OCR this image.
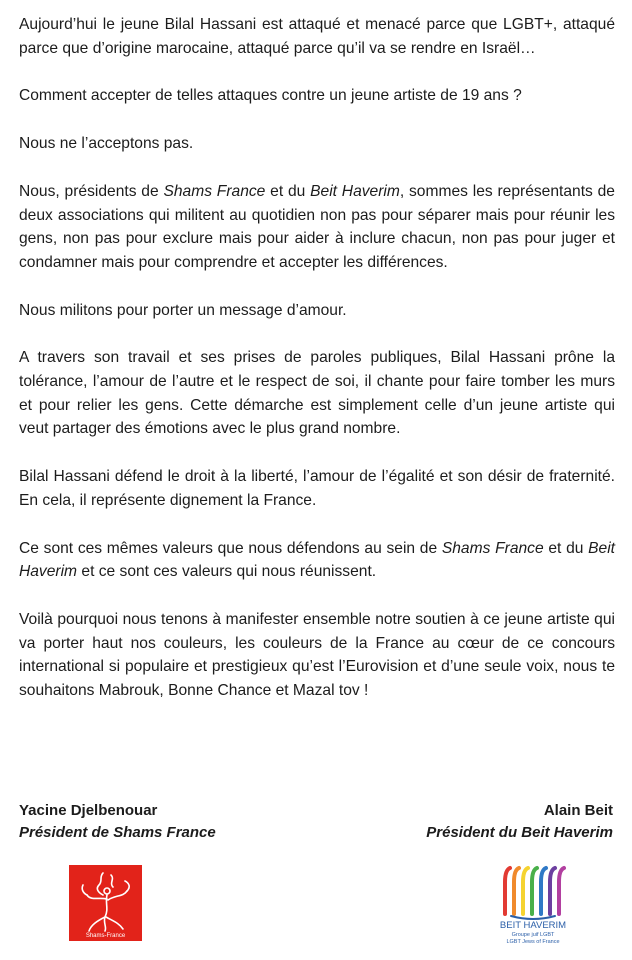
Aujourd’hui le jeune Bilal Hassani est attaqué et menacé parce que LGBT+, attaqué parce que d’origine marocaine, attaqué parce qu’il va se rendre en Israël…

Comment accepter de telles attaques contre un jeune artiste de 19 ans ?

Nous ne l’acceptons pas.

Nous, présidents de Shams France et du Beit Haverim, sommes les représentants de deux associations qui militent au quotidien non pas pour séparer mais pour réunir les gens, non pas pour exclure mais pour aider à inclure chacun, non pas pour juger et condamner mais pour comprendre et accepter les différences.

Nous militons pour porter un message d’amour.

A travers son travail et ses prises de paroles publiques, Bilal Hassani prône la tolérance, l’amour de l’autre et le respect de soi, il chante pour faire tomber les murs et pour relier les gens. Cette démarche est simplement celle d’un jeune artiste qui veut partager des émotions avec le plus grand nombre.

Bilal Hassani défend le droit à la liberté, l’amour de l’égalité et son désir de fraternité. En cela, il représente dignement la France.

Ce sont ces mêmes valeurs que nous défendons au sein de Shams France et du Beit Haverim et ce sont ces valeurs qui nous réunissent.

Voilà pourquoi nous tenons à manifester ensemble notre soutien à ce jeune artiste qui va porter haut nos couleurs, les couleurs de la France au cœur de ce concours international si populaire et prestigieux qu’est l’Eurovision et d’une seule voix, nous te souhaitons Mabrouk, Bonne Chance et Mazal tov !

Yacine Djelbenouar
Président de Shams France
Alain Beit
Président du Beit Haverim
Shams-France
BEIT HAVERIM
Groupe juif LGBT
LGBT Jews of France
